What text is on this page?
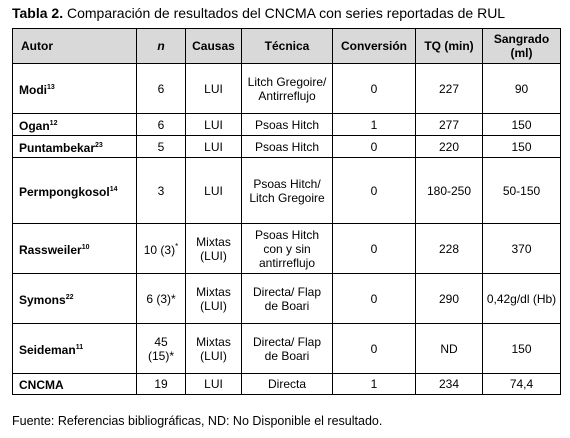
Tabla 2. Comparación de resultados del CNCMA con series reportadas de RUL
Autor	n	Causas	Técnica	Conversión	TQ (min)	Sangrado (ml)
Modi$^{13}$	6	LUI	Litch Gregoire/ Antirreflujo	0	227	90
Ogan$^{12}$	6	LUI	Psoas Hitch	1	277	150
Puntambekar$^{23}$	5	LUI	Psoas Hitch	0	220	150
Permpongkosol$^{14}$	3	LUI	Psoas Hitch/ Litch Gregoire	0	180-250	50-150
Rassweiler$^{10}$	10 (3)*	Mixtas (LUI)	Psoas Hitch con y sin antirreflujo	0	228	370
Symons$^{22}$	6 (3)*	Mixtas (LUI)	Directa/ Flap de Boari	0	290	0,42g/dl (Hb)
Seideman$^{11}$	45 (15)*	Mixtas (LUI)	Directa/ Flap de Boari	0	ND	150
CNCMA	19	LUI	Directa	1	234	74,4
Fuente: Referencias bibliográficas, ND: No Disponible el resultado.
